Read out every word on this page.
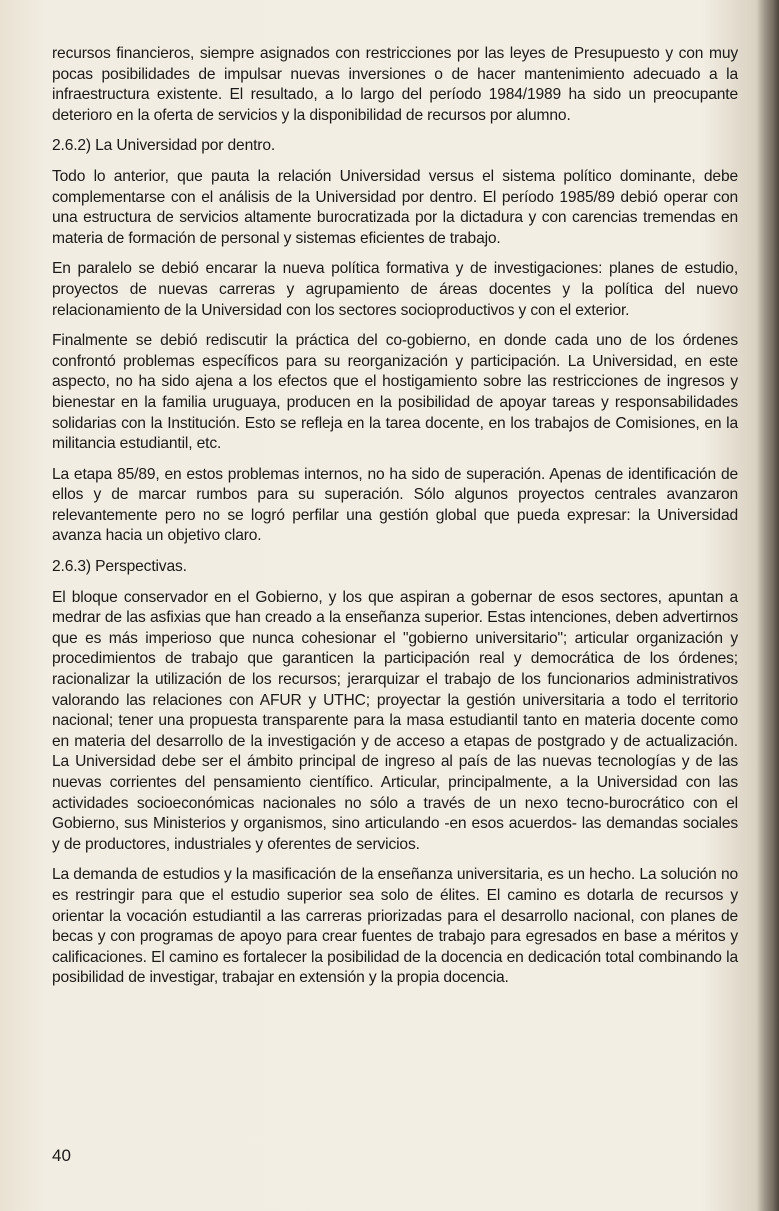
recursos financieros, siempre asignados con restricciones por las leyes de Presupuesto y con muy pocas posibilidades de impulsar nuevas inversiones o de hacer mantenimiento adecuado a la infraestructura existente. El resultado, a lo largo del período 1984/1989 ha sido un preocupante deterioro en la oferta de servicios y la disponibilidad de recursos por alumno.

2.6.2) La Universidad por dentro.

Todo lo anterior, que pauta la relación Universidad versus el sistema político dominante, debe complementarse con el análisis de la Universidad por dentro. El período 1985/89 debió operar con una estructura de servicios altamente burocratizada por la dictadura y con carencias tremendas en materia de formación de personal y sistemas eficientes de trabajo.

En paralelo se debió encarar la nueva política formativa y de investigaciones: planes de estudio, proyectos de nuevas carreras y agrupamiento de áreas docentes y la política del nuevo relacionamiento de la Universidad con los sectores socioproductivos y con el exterior.

Finalmente se debió rediscutir la práctica del co-gobierno, en donde cada uno de los órdenes confrontó problemas específicos para su reorganización y participación. La Universidad, en este aspecto, no ha sido ajena a los efectos que el hostigamiento sobre las restricciones de ingresos y bienestar en la familia uruguaya, producen en la posibilidad de apoyar tareas y responsabilidades solidarias con la Institución. Esto se refleja en la tarea docente, en los trabajos de Comisiones, en la militancia estudiantil, etc.

La etapa 85/89, en estos problemas internos, no ha sido de superación. Apenas de identificación de ellos y de marcar rumbos para su superación. Sólo algunos proyectos centrales avanzaron relevantemente pero no se logró perfilar una gestión global que pueda expresar: la Universidad avanza hacia un objetivo claro.

2.6.3) Perspectivas.

El bloque conservador en el Gobierno, y los que aspiran a gobernar de esos sectores, apuntan a medrar de las asfixias que han creado a la enseñanza superior. Estas intenciones, deben advertirnos que es más imperioso que nunca cohesionar el "gobierno universitario"; articular organización y procedimientos de trabajo que garanticen la participación real y democrática de los órdenes; racionalizar la utilización de los recursos; jerarquizar el trabajo de los funcionarios administrativos valorando las relaciones con AFUR y UTHC; proyectar la gestión universitaria a todo el territorio nacional; tener una propuesta transparente para la masa estudiantil tanto en materia docente como en materia del desarrollo de la investigación y de acceso a etapas de postgrado y de actualización. La Universidad debe ser el ámbito principal de ingreso al país de las nuevas tecnologías y de las nuevas corrientes del pensamiento científico. Articular, principalmente, a la Universidad con las actividades socioeconómicas nacionales no sólo a través de un nexo tecno-burocrático con el Gobierno, sus Ministerios y organismos, sino articulando -en esos acuerdos- las demandas sociales y de productores, industriales y oferentes de servicios.

La demanda de estudios y la masificación de la enseñanza universitaria, es un hecho. La solución no es restringir para que el estudio superior sea solo de élites. El camino es dotarla de recursos y orientar la vocación estudiantil a las carreras priorizadas para el desarrollo nacional, con planes de becas y con programas de apoyo para crear fuentes de trabajo para egresados en base a méritos y calificaciones. El camino es fortalecer la posibilidad de la docencia en dedicación total combinando la posibilidad de investigar, trabajar en extensión y la propia docencia.

40
